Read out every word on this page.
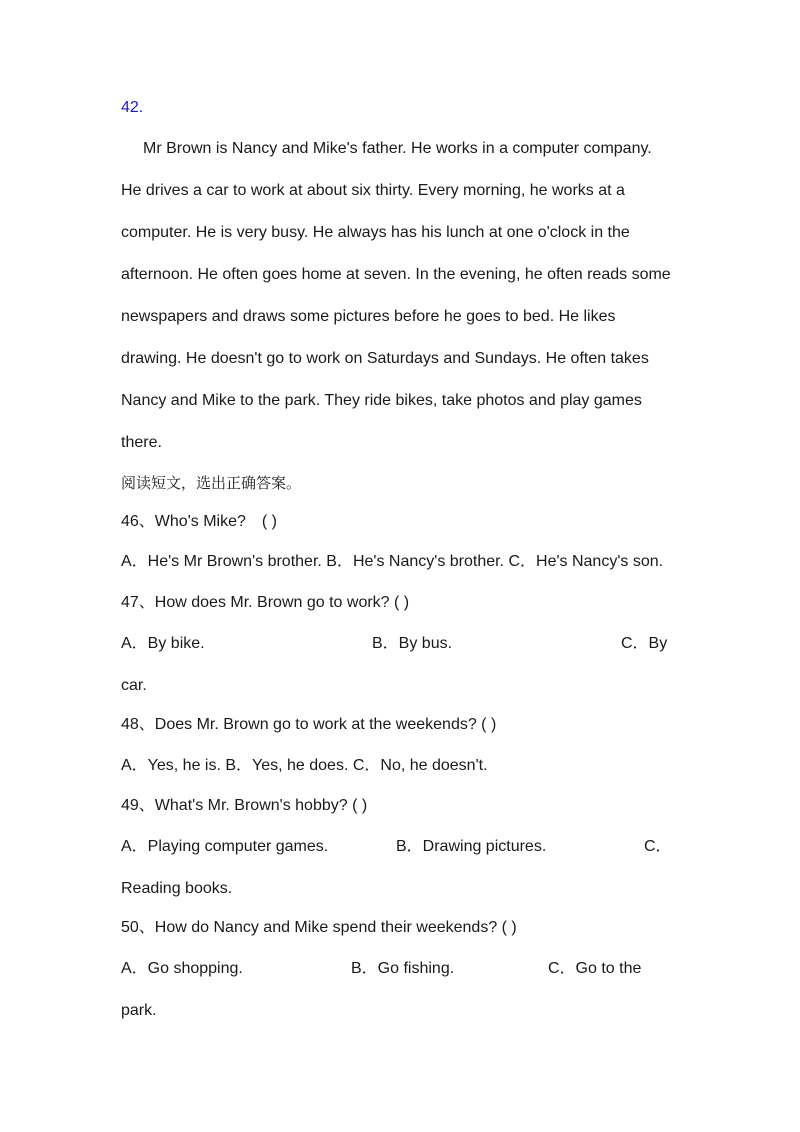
42.
Mr Brown is Nancy and Mike's father. He works in a computer company.
He drives a car to work at about six thirty. Every morning, he works at a
computer. He is very busy. He always has his lunch at one o'clock in the
afternoon. He often goes home at seven. In the evening, he often reads some
newspapers and draws some pictures before he goes to bed. He likes
drawing. He doesn't go to work on Saturdays and Sundays. He often takes
Nancy and Mike to the park. They ride bikes, take photos and play games
there.
阅读短文，选出正确答案。
46、Who's Mike?　( )
A．He's Mr Brown's brother. B．He's Nancy's brother. C．He's Nancy's son.
47、How does Mr. Brown go to work? ( )
A．By bike.	B．By bus.	C．By
car.
48、Does Mr. Brown go to work at the weekends? ( )
A．Yes, he is. B．Yes, he does. C．No, he doesn't.
49、What's Mr. Brown's hobby? ( )
A．Playing computer games.	B．Drawing pictures.	C．
Reading books.
50、How do Nancy and Mike spend their weekends? ( )
A．Go shopping.	B．Go fishing.	C．Go to the
park.
